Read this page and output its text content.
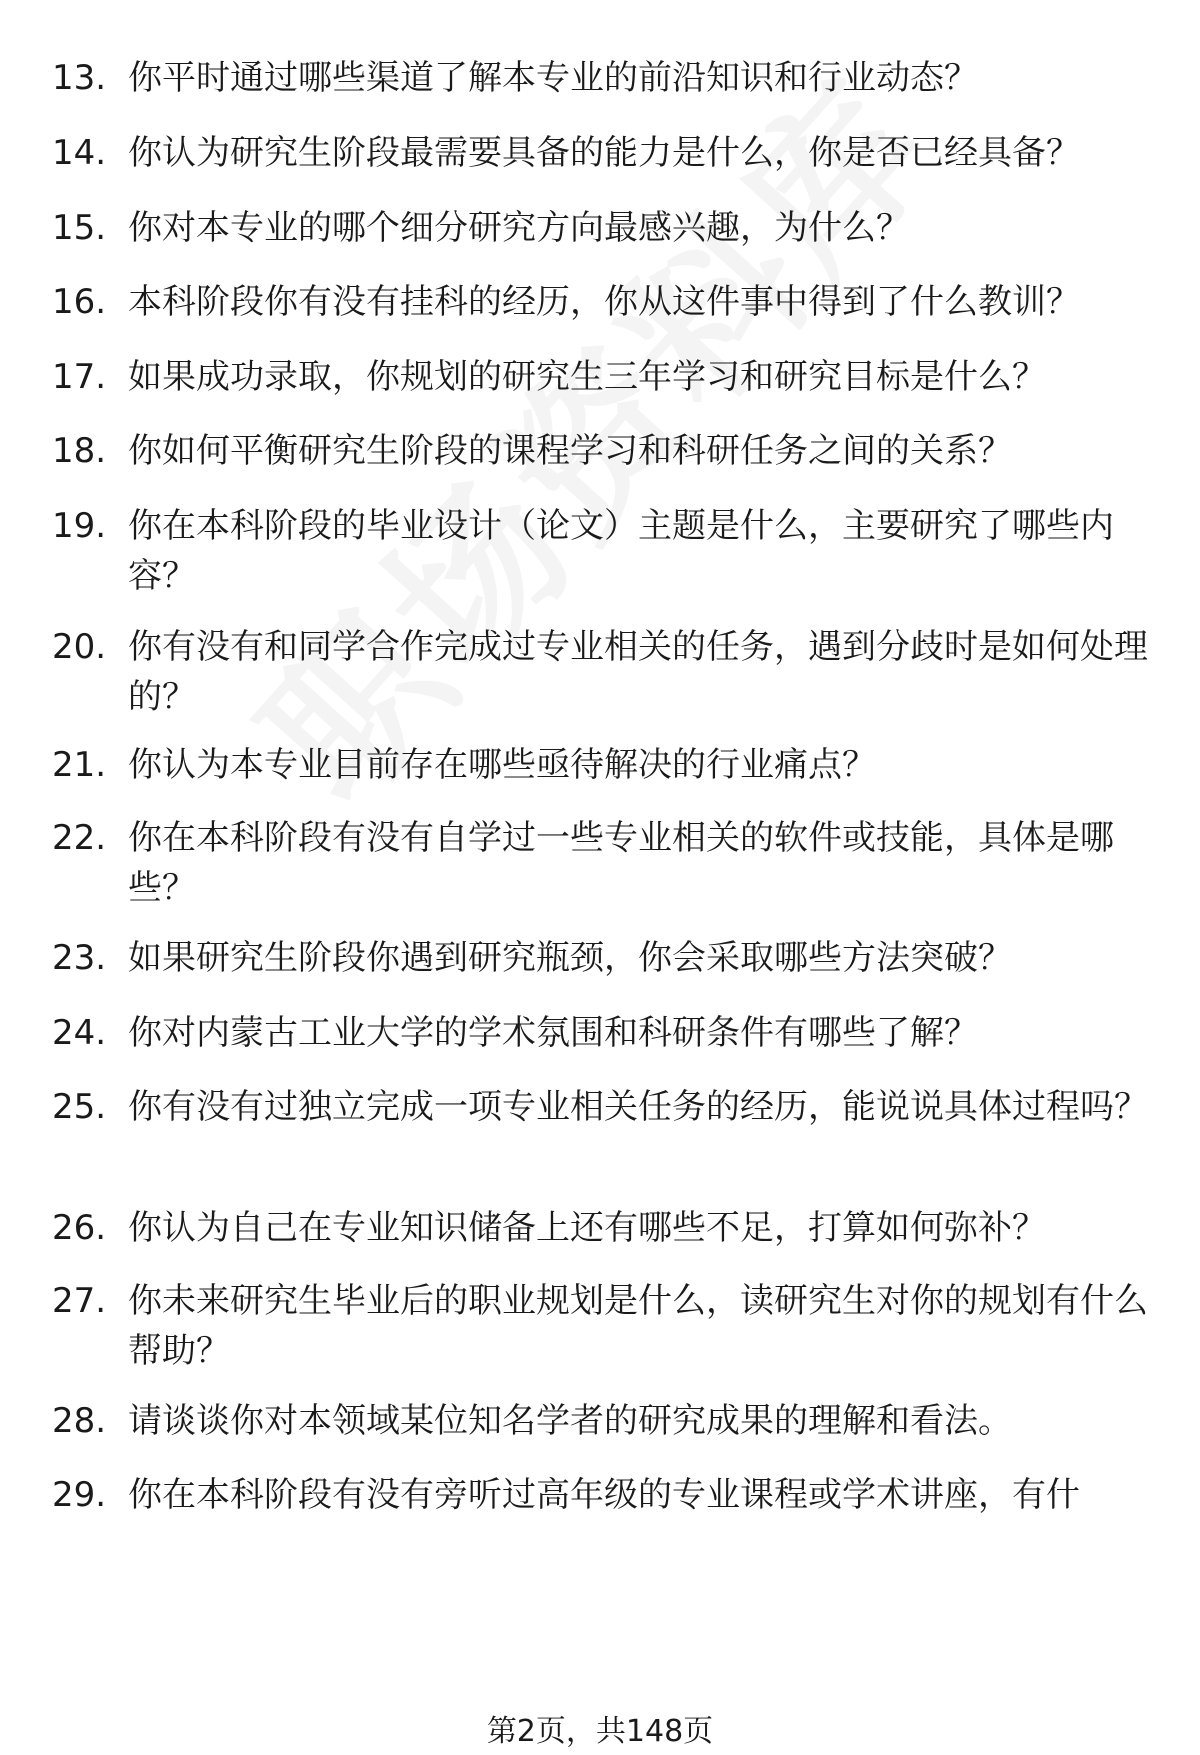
13. 你平时通过哪些渠道了解本专业的前沿知识和行业动态？
14. 你认为研究生阶段最需要具备的能力是什么，你是否已经具备？
15. 你对本专业的哪个细分研究方向最感兴趣，为什么？
16. 本科阶段你有没有挂科的经历，你从这件事中得到了什么教训？
17. 如果成功录取，你规划的研究生三年学习和研究目标是什么？
18. 你如何平衡研究生阶段的课程学习和科研任务之间的关系？
19. 你在本科阶段的毕业设计（论文）主题是什么，主要研究了哪些内容？
20. 你有没有和同学合作完成过专业相关的任务，遇到分歧时是如何处理的？
21. 你认为本专业目前存在哪些亟待解决的行业痛点？
22. 你在本科阶段有没有自学过一些专业相关的软件或技能，具体是哪些？
23. 如果研究生阶段你遇到研究瓶颈，你会采取哪些方法突破？
24. 你对内蒙古工业大学的学术氛围和科研条件有哪些了解？
25. 你有没有过独立完成一项专业相关任务的经历，能说说具体过程吗？
26. 你认为自己在专业知识储备上还有哪些不足，打算如何弥补？
27. 你未来研究生毕业后的职业规划是什么，读研究生对你的规划有什么帮助？
28. 请谈谈你对本领域某位知名学者的研究成果的理解和看法。
29. 你在本科阶段有没有旁听过高年级的专业课程或学术讲座，有什
第2页，共148页
